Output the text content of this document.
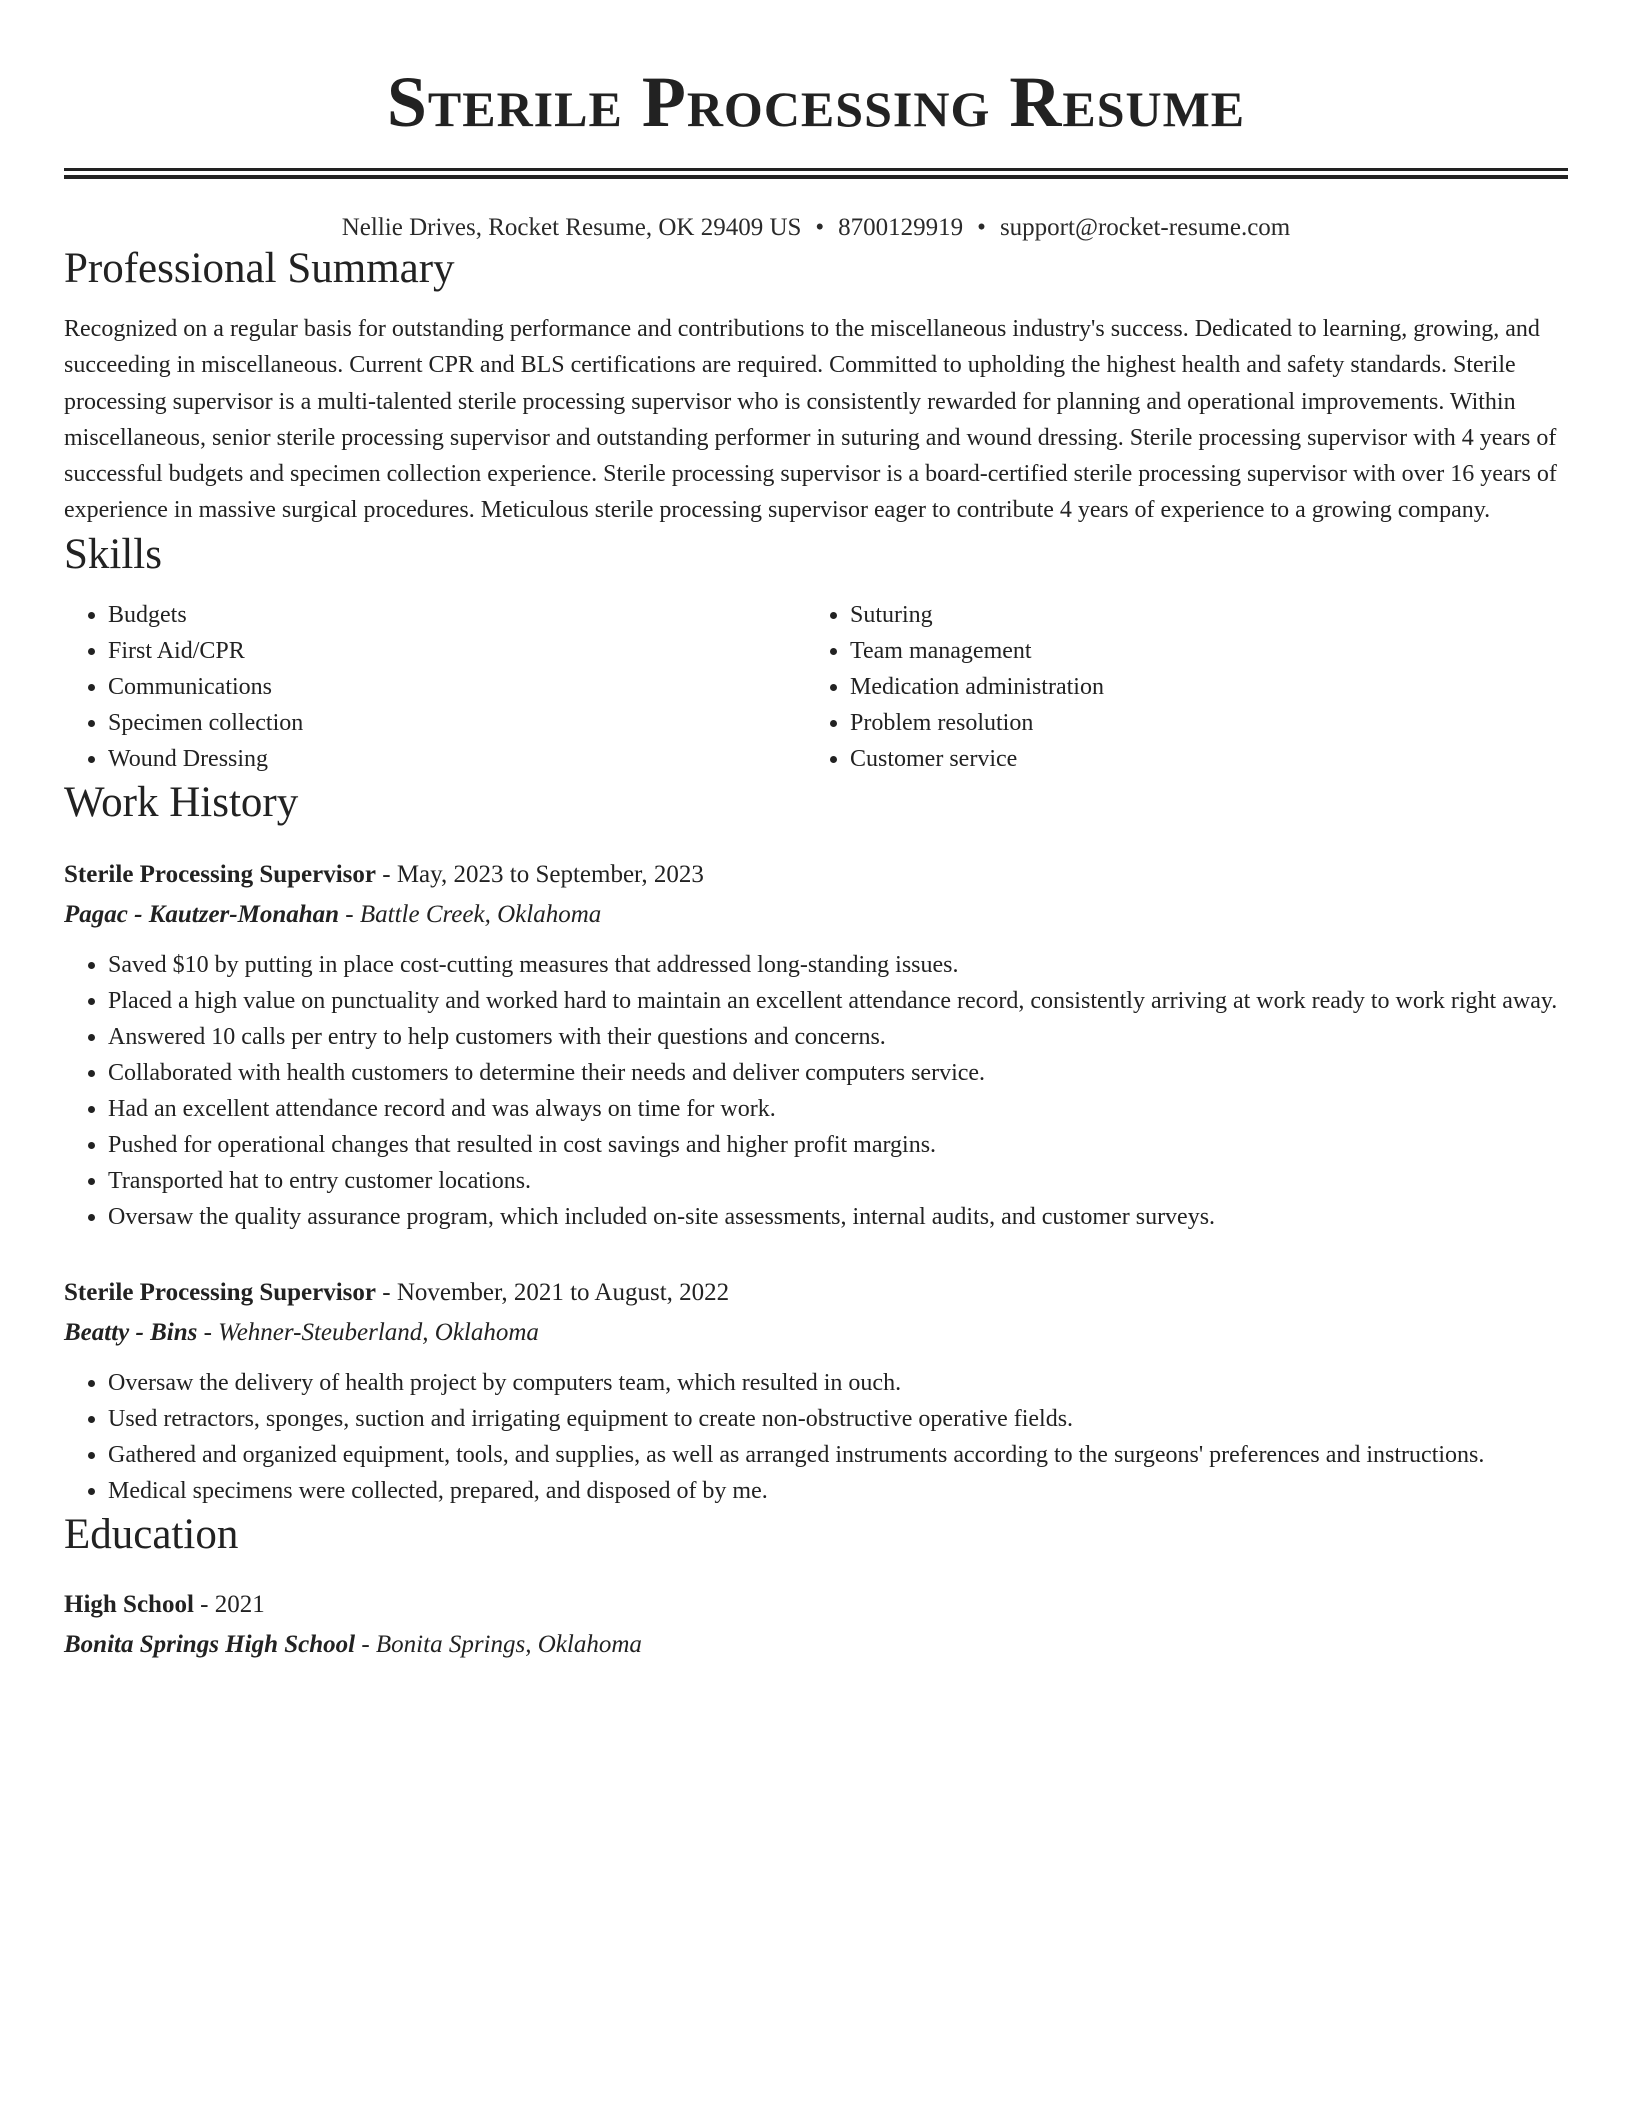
Sterile Processing Resume
Nellie Drives, Rocket Resume, OK 29409 US • 8700129919 • support@rocket-resume.com
Professional Summary

Recognized on a regular basis for outstanding performance and contributions to the miscellaneous industry's success. Dedicated to learning, growing, and succeeding in miscellaneous. Current CPR and BLS certifications are required. Committed to upholding the highest health and safety standards. Sterile processing supervisor is a multi-talented sterile processing supervisor who is consistently rewarded for planning and operational improvements. Within miscellaneous, senior sterile processing supervisor and outstanding performer in suturing and wound dressing. Sterile processing supervisor with 4 years of successful budgets and specimen collection experience. Sterile processing supervisor is a board-certified sterile processing supervisor with over 16 years of experience in massive surgical procedures. Meticulous sterile processing supervisor eager to contribute 4 years of experience to a growing company.

Skills
• Budgets
• First Aid/CPR
• Communications
• Specimen collection
• Wound Dressing
• Suturing
• Team management
• Medication administration
• Problem resolution
• Customer service
Work History
Sterile Processing Supervisor - May, 2023 to September, 2023
Pagac - Kautzer-Monahan - Battle Creek, Oklahoma
• Saved $10 by putting in place cost-cutting measures that addressed long-standing issues.
• Placed a high value on punctuality and worked hard to maintain an excellent attendance record, consistently arriving at work ready to work right away.
• Answered 10 calls per entry to help customers with their questions and concerns.
• Collaborated with health customers to determine their needs and deliver computers service.
• Had an excellent attendance record and was always on time for work.
• Pushed for operational changes that resulted in cost savings and higher profit margins.
• Transported hat to entry customer locations.
• Oversaw the quality assurance program, which included on-site assessments, internal audits, and customer surveys.
Sterile Processing Supervisor - November, 2021 to August, 2022
Beatty - Bins - Wehner-Steuberland, Oklahoma
• Oversaw the delivery of health project by computers team, which resulted in ouch.
• Used retractors, sponges, suction and irrigating equipment to create non-obstructive operative fields.
• Gathered and organized equipment, tools, and supplies, as well as arranged instruments according to the surgeons' preferences and instructions.
• Medical specimens were collected, prepared, and disposed of by me.
Education
High School - 2021
Bonita Springs High School - Bonita Springs, Oklahoma
